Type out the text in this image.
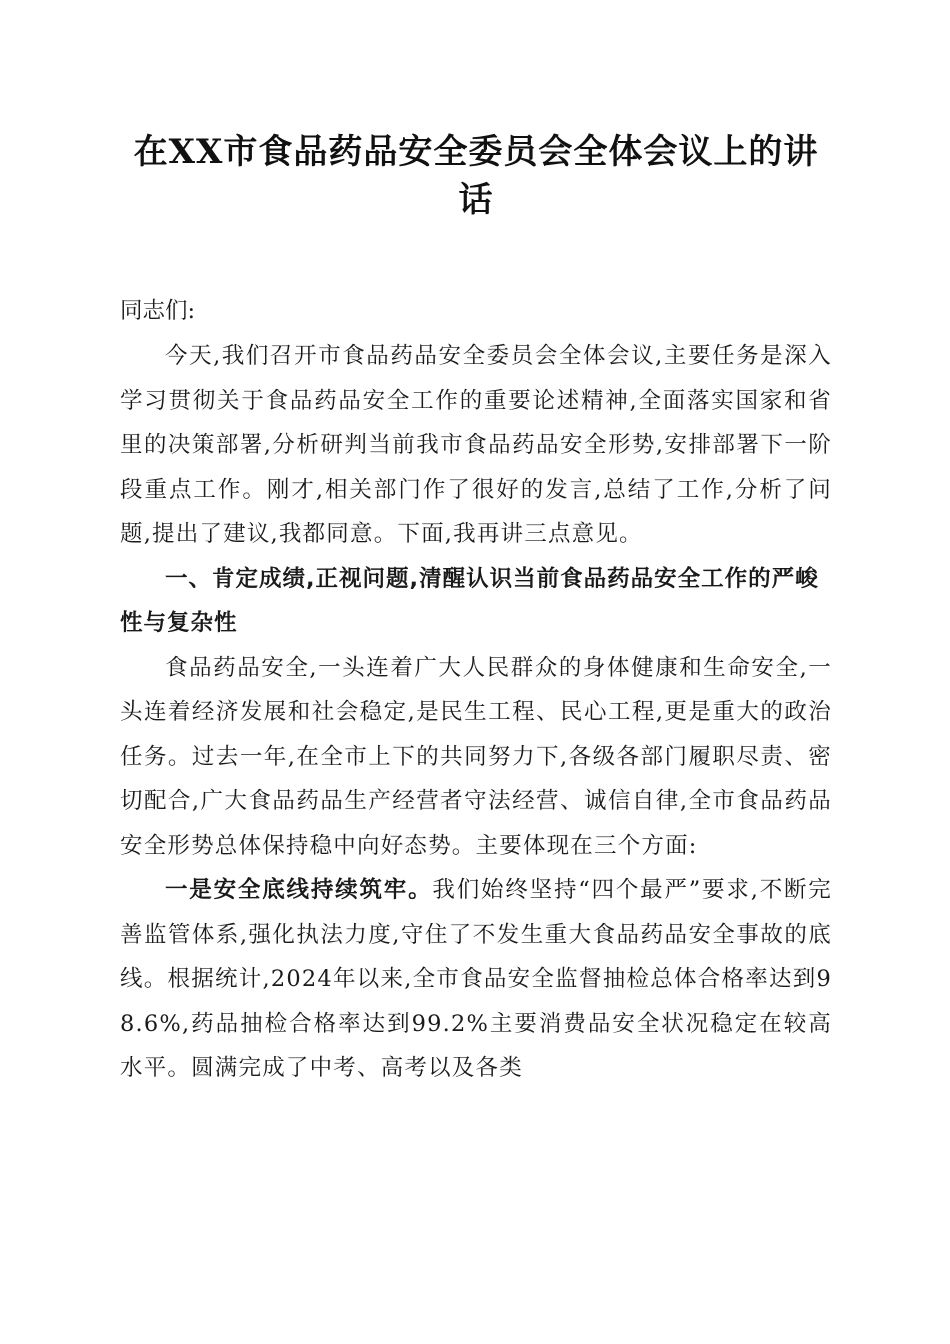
在XX市食品药品安全委员会全体会议上的讲话

同志们:

今天,我们召开市食品药品安全委员会全体会议,主要任务是深入学习贯彻关于食品药品安全工作的重要论述精神,全面落实国家和省里的决策部署,分析研判当前我市食品药品安全形势,安排部署下一阶段重点工作。刚才,相关部门作了很好的发言,总结了工作,分析了问题,提出了建议,我都同意。下面,我再讲三点意见。

一、肯定成绩,正视问题,清醒认识当前食品药品安全工作的严峻性与复杂性

食品药品安全,一头连着广大人民群众的身体健康和生命安全,一头连着经济发展和社会稳定,是民生工程、民心工程,更是重大的政治任务。过去一年,在全市上下的共同努力下,各级各部门履职尽责、密切配合,广大食品药品生产经营者守法经营、诚信自律,全市食品药品安全形势总体保持稳中向好态势。主要体现在三个方面:

一是安全底线持续筑牢。我们始终坚持“四个最严”要求,不断完善监管体系,强化执法力度,守住了不发生重大食品药品安全事故的底线。根据统计,2024年以来,全市食品安全监督抽检总体合格率达到98.6%,药品抽检合格率达到99.2%主要消费品安全状况稳定在较高水平。圆满完成了中考、高考以及各类
